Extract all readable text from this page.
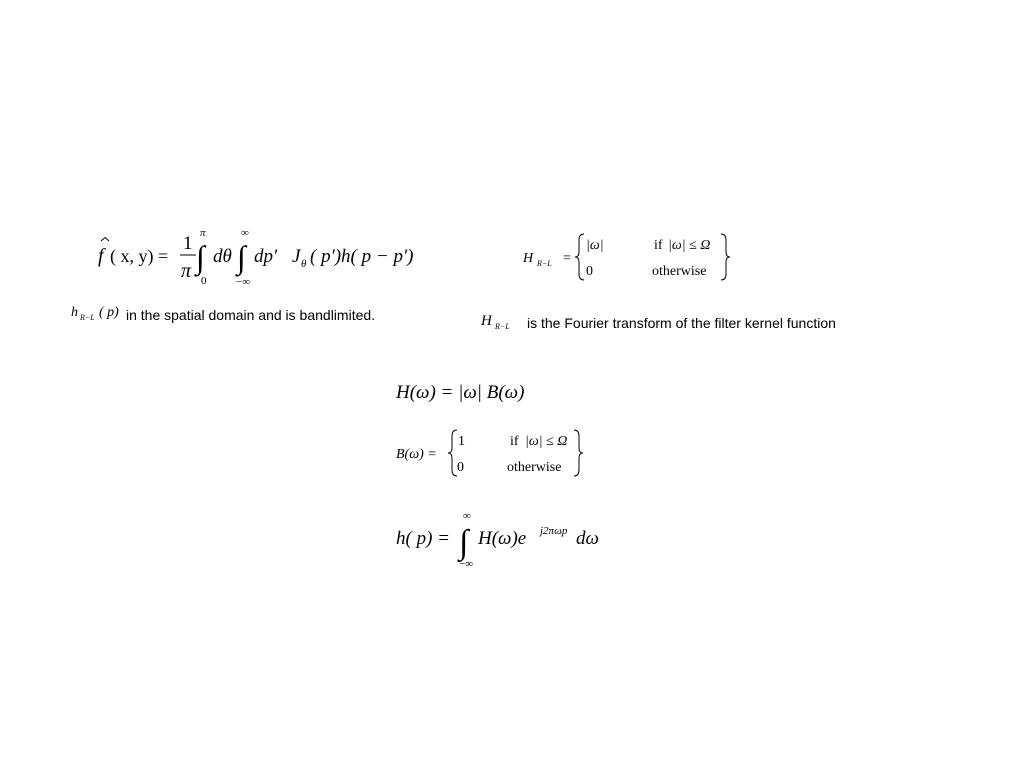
f ( x, y) =
1
π
π
∫
0
dθ
∞
∫
−∞
dp′ J θ ( p′)h( p − p′)
h R−L ( p) in the spatial domain and is bandlimited.
H R−L =
|ω|	if |ω| ≤ Ω
0	otherwise
H R−L is the Fourier transform of the filter kernel function
H(ω) = |ω| B(ω)
B(ω) =
1	if |ω| ≤ Ω
0	otherwise
h( p) =
∞
∫
−∞
H(ω)e j2πωp dω
